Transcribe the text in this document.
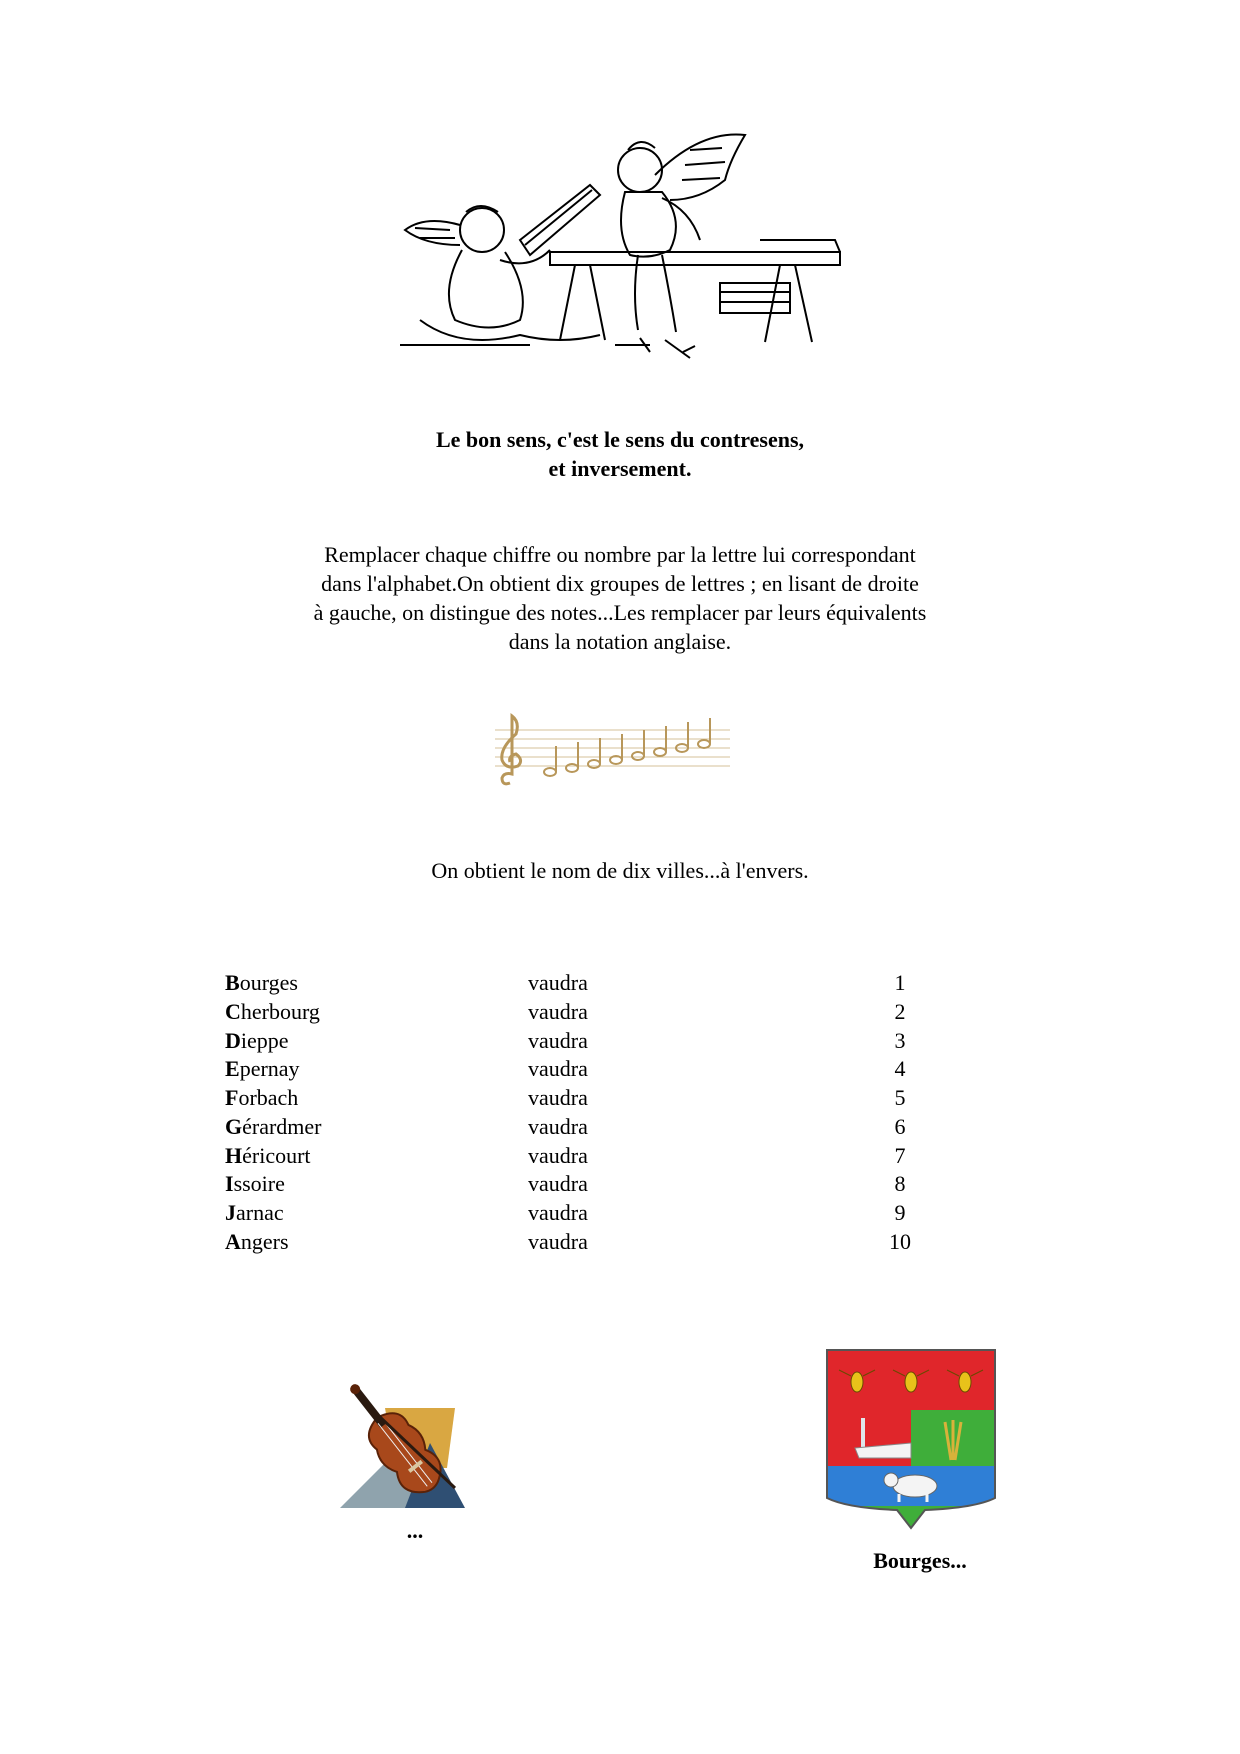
Le bon sens, c'est le sens du contresens,
et inversement.
Remplacer chaque chiffre ou nombre par la lettre lui correspondant
dans l'alphabet.On obtient dix groupes de lettres ; en lisant de droite
à gauche, on distingue des notes...Les remplacer par leurs équivalents
dans la notation anglaise.
On obtient le nom de dix villes...à l'envers.
Bourges	vaudra	1
Cherbourg	vaudra	2
Dieppe	vaudra	3
Epernay	vaudra	4
Forbach	vaudra	5
Gérardmer	vaudra	6
Héricourt	vaudra	7
Issoire	vaudra	8
Jarnac	vaudra	9
Angers	vaudra	10
...
Bourges...
